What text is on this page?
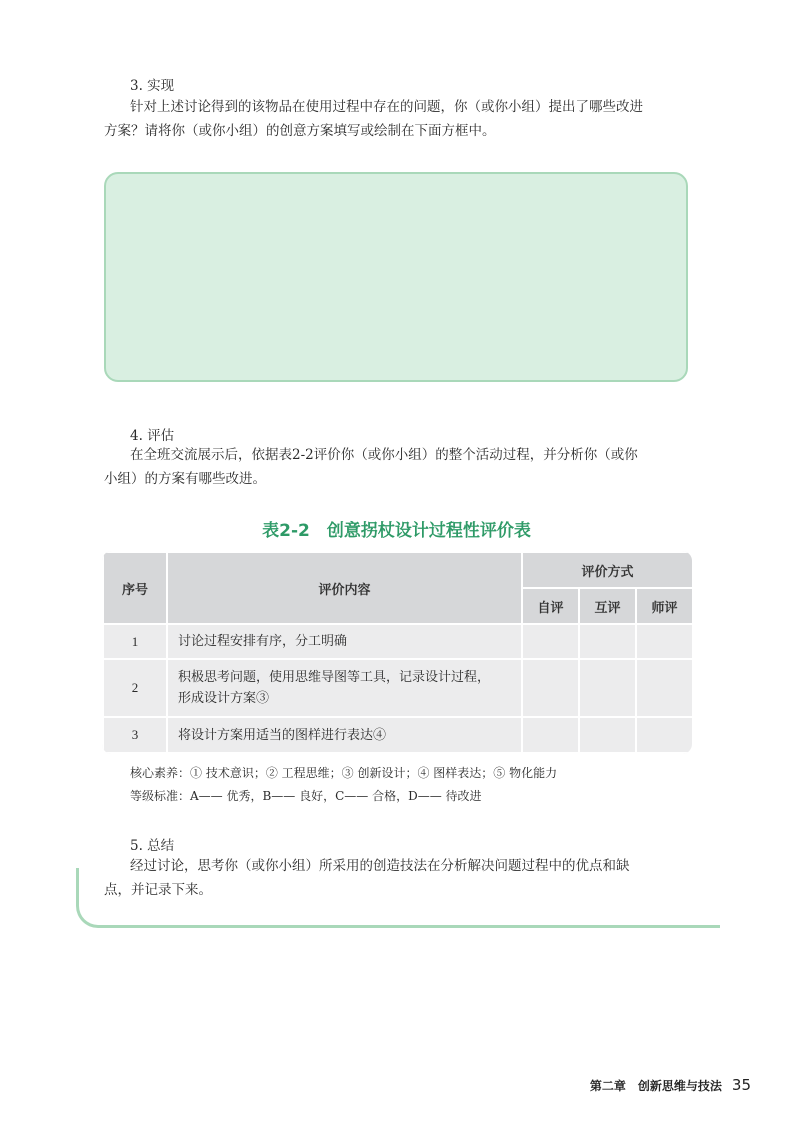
3. 实现

针对上述讨论得到的该物品在使用过程中存在的问题，你（或你小组）提出了哪些改进

方案？请将你（或你小组）的创意方案填写或绘制在下面方框中。

4. 评估

在全班交流展示后，依据表2-2评价你（或你小组）的整个活动过程，并分析你（或你

小组）的方案有哪些改进。

表2-2　创意拐杖设计过程性评价表
序号	评价内容	评价方式		
		自评	互评	师评
1	讨论过程安排有序，分工明确			
2	积极思考问题，使用思维导图等工具，记录设计过程，
形成设计方案③			

3	将设计方案用适当的图样进行表达④			

核心素养：① 技术意识；② 工程思维；③ 创新设计；④ 图样表达；⑤ 物化能力

等级标准：A—— 优秀，B—— 良好，C—— 合格，D—— 待改进

5. 总结

经过讨论，思考你（或你小组）所采用的创造技法在分析解决问题过程中的优点和缺

点，并记录下来。

第二章　创新思维与技法 35
